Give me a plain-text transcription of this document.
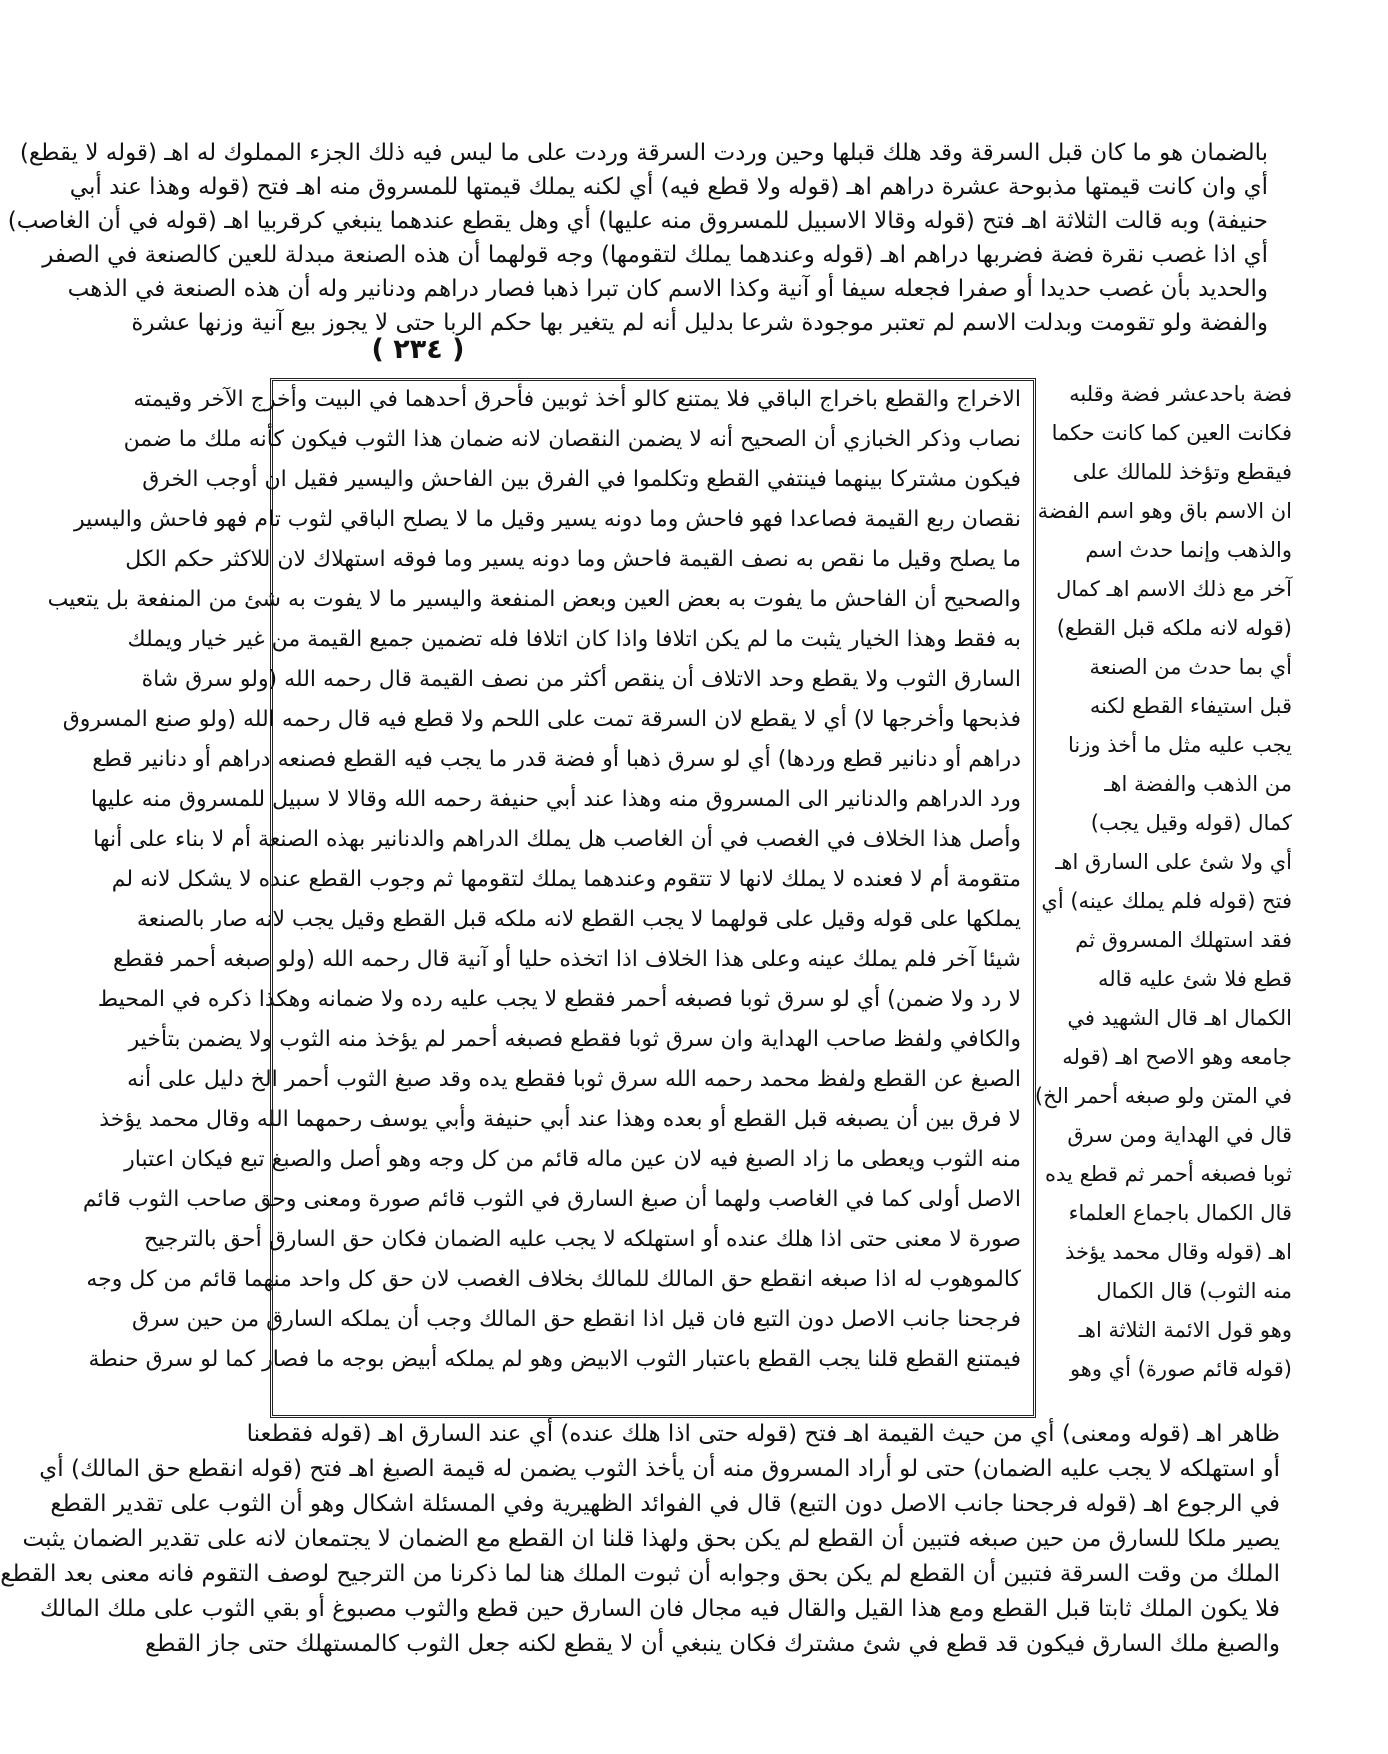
بالضمان هو ما كان قبل السرقة وقد هلك قبلها وحين وردت السرقة وردت على ما ليس فيه ذلك الجزء المملوك له اهـ (قوله لا يقطع)
أي وان كانت قيمتها مذبوحة عشرة دراهم اهـ (قوله ولا قطع فيه) أي لكنه يملك قيمتها للمسروق منه اهـ فتح (قوله وهذا عند أبي
حنيفة) وبه قالت الثلاثة اهـ فتح (قوله وقالا الاسبيل للمسروق منه عليها) أي وهل يقطع عندهما ينبغي كرقربيا اهـ (قوله في أن الغاصب)
أي اذا غصب نقرة فضة فضربها دراهم اهـ (قوله وعندهما يملك لتقومها) وجه قولهما أن هذه الصنعة مبدلة للعين كالصنعة في الصفر
والحديد بأن غصب حديدا أو صفرا فجعله سيفا أو آنية وكذا الاسم كان تبرا ذهبا فصار دراهم ودنانير وله أن هذه الصنعة في الذهب
والفضة ولو تقومت وبدلت الاسم لم تعتبر موجودة شرعا بدليل أنه لم يتغير بها حكم الربا حتى لا يجوز بيع آنية وزنها عشرة
( ٢٣٤ )
الاخراج والقطع باخراج الباقي فلا يمتنع كالو أخذ ثوبين فأحرق أحدهما في البيت وأخرج الآخر وقيمته
نصاب وذكر الخبازي أن الصحيح أنه لا يضمن النقصان لانه ضمان هذا الثوب فيكون كأنه ملك ما ضمن
فيكون مشتركا بينهما فينتفي القطع وتكلموا في الفرق بين الفاحش واليسير فقيل ان أوجب الخرق
نقصان ربع القيمة فصاعدا فهو فاحش وما دونه يسير وقيل ما لا يصلح الباقي لثوب تام فهو فاحش واليسير
ما يصلح وقيل ما نقص به نصف القيمة فاحش وما دونه يسير وما فوقه استهلاك لان للاكثر حكم الكل
والصحيح أن الفاحش ما يفوت به بعض العين وبعض المنفعة واليسير ما لا يفوت به شئ من المنفعة بل يتعيب
به فقط وهذا الخيار يثبت ما لم يكن اتلافا واذا كان اتلافا فله تضمين جميع القيمة من غير خيار ويملك
السارق الثوب ولا يقطع وحد الاتلاف أن ينقص أكثر من نصف القيمة قال رحمه الله (ولو سرق شاة
فذبحها وأخرجها لا) أي لا يقطع لان السرقة تمت على اللحم ولا قطع فيه قال رحمه الله (ولو صنع المسروق
دراهم أو دنانير قطع وردها) أي لو سرق ذهبا أو فضة قدر ما يجب فيه القطع فصنعه دراهم أو دنانير قطع
ورد الدراهم والدنانير الى المسروق منه وهذا عند أبي حنيفة رحمه الله وقالا لا سبيل للمسروق منه عليها
وأصل هذا الخلاف في الغصب في أن الغاصب هل يملك الدراهم والدنانير بهذه الصنعة أم لا بناء على أنها
متقومة أم لا فعنده لا يملك لانها لا تتقوم وعندهما يملك لتقومها ثم وجوب القطع عنده لا يشكل لانه لم
يملكها على قوله وقيل على قولهما لا يجب القطع لانه ملكه قبل القطع وقيل يجب لانه صار بالصنعة
شيئا آخر فلم يملك عينه وعلى هذا الخلاف اذا اتخذه حليا أو آنية قال رحمه الله (ولو صبغه أحمر فقطع
لا رد ولا ضمن) أي لو سرق ثوبا فصبغه أحمر فقطع لا يجب عليه رده ولا ضمانه وهكذا ذكره في المحيط
والكافي ولفظ صاحب الهداية وان سرق ثوبا فقطع فصبغه أحمر لم يؤخذ منه الثوب ولا يضمن بتأخير
الصبغ عن القطع ولفظ محمد رحمه الله سرق ثوبا فقطع يده وقد صبغ الثوب أحمر الخ دليل على أنه
لا فرق بين أن يصبغه قبل القطع أو بعده وهذا عند أبي حنيفة وأبي يوسف رحمهما الله وقال محمد يؤخذ
منه الثوب ويعطى ما زاد الصبغ فيه لان عين ماله قائم من كل وجه وهو أصل والصبغ تبع فيكان اعتبار
الاصل أولى كما في الغاصب ولهما أن صبغ السارق في الثوب قائم صورة ومعنى وحق صاحب الثوب قائم
صورة لا معنى حتى اذا هلك عنده أو استهلكه لا يجب عليه الضمان فكان حق السارق أحق بالترجيح
كالموهوب له اذا صبغه انقطع حق المالك للمالك بخلاف الغصب لان حق كل واحد منهما قائم من كل وجه
فرجحنا جانب الاصل دون التبع فان قيل اذا انقطع حق المالك وجب أن يملكه السارق من حين سرق
فيمتنع القطع قلنا يجب القطع باعتبار الثوب الابيض وهو لم يملكه أبيض بوجه ما فصار كما لو سرق حنطة
فضة باحدعشر فضة وقلبه
فكانت العين كما كانت حكما
فيقطع وتؤخذ للمالك على
ان الاسم باق وهو اسم الفضة
والذهب وإنما حدث اسم
آخر مع ذلك الاسم اهـ كمال
(قوله لانه ملكه قبل القطع)
أي بما حدث من الصنعة
قبل استيفاء القطع لكنه
يجب عليه مثل ما أخذ وزنا
من الذهب والفضة اهـ
كمال (قوله وقيل يجب)
أي ولا شئ على السارق اهـ
فتح (قوله فلم يملك عينه) أي
فقد استهلك المسروق ثم
قطع فلا شئ عليه قاله
الكمال اهـ قال الشهيد في
جامعه وهو الاصح اهـ (قوله
في المتن ولو صبغه أحمر الخ)
قال في الهداية ومن سرق
ثوبا فصبغه أحمر ثم قطع يده
قال الكمال باجماع العلماء
اهـ (قوله وقال محمد يؤخذ
منه الثوب) قال الكمال
وهو قول الائمة الثلاثة اهـ
(قوله قائم صورة) أي وهو
ظاهر اهـ (قوله ومعنى) أي من حيث القيمة اهـ فتح (قوله حتى اذا هلك عنده) أي عند السارق اهـ (قوله فقطعنا
أو استهلكه لا يجب عليه الضمان) حتى لو أراد المسروق منه أن يأخذ الثوب يضمن له قيمة الصبغ اهـ فتح (قوله انقطع حق المالك) أي
في الرجوع اهـ (قوله فرجحنا جانب الاصل دون التبع) قال في الفوائد الظهيرية وفي المسئلة اشكال وهو أن الثوب على تقدير القطع
يصير ملكا للسارق من حين صبغه فتبين أن القطع لم يكن بحق ولهذا قلنا ان القطع مع الضمان لا يجتمعان لانه على تقدير الضمان يثبت
الملك من وقت السرقة فتبين أن القطع لم يكن بحق وجوابه أن ثبوت الملك هنا لما ذكرنا من الترجيح لوصف التقوم فانه معنى بعد القطع
فلا يكون الملك ثابتا قبل القطع ومع هذا القيل والقال فيه مجال فان السارق حين قطع والثوب مصبوغ أو بقي الثوب على ملك المالك
والصبغ ملك السارق فيكون قد قطع في شئ مشترك فكان ينبغي أن لا يقطع لكنه جعل الثوب كالمستهلك حتى جاز القطع
